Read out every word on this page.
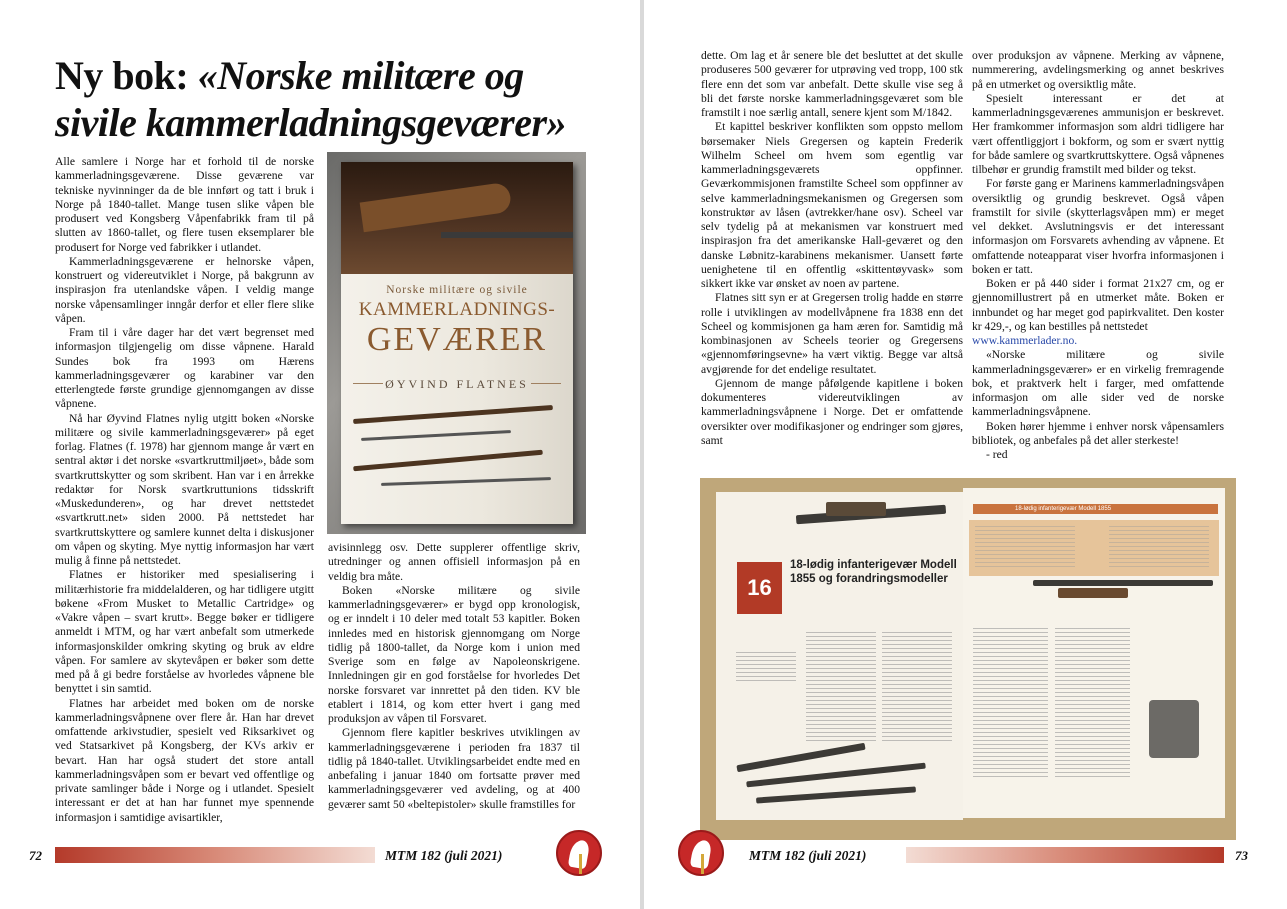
Ny bok: «Norske militære og sivile kammerladningsgeværer»

Alle samlere i Norge har et forhold til de norske kammerladningsgeværene. Disse geværene var tekniske nyvinninger da de ble innført og tatt i bruk i Norge på 1840-tallet. Mange tusen slike våpen ble produsert ved Kongsberg Våpenfabrikk fram til på slutten av 1860-tallet, og flere tusen eksemplarer ble produsert for Norge ved fabrikker i utlandet.

Kammerladningsgeværene er helnorske våpen, konstruert og videreutviklet i Norge, på bakgrunn av inspirasjon fra utenlandske våpen. I veldig mange norske våpensamlinger inngår derfor et eller flere slike våpen.

Fram til i våre dager har det vært begrenset med informasjon tilgjengelig om disse våpnene. Harald Sundes bok fra 1993 om Hærens kammerladningsgeværer og karabiner var den etterlengtede første grundige gjennomgangen av disse våpnene.

Nå har Øyvind Flatnes nylig utgitt boken «Norske militære og sivile kammerladningsgeværer» på eget forlag. Flatnes (f. 1978) har gjennom mange år vært en sentral aktør i det norske «svartkruttmiljøet», både som svartkruttskytter og som skribent. Han var i en årrekke redaktør for Norsk svartkruttunions tidsskrift «Muskedunderen», og har drevet nettstedet «svartkrutt.net» siden 2000. På nettstedet har svartkruttskyttere og samlere kunnet delta i diskusjoner om våpen og skyting. Mye nyttig informasjon har vært mulig å finne på nettstedet.

Flatnes er historiker med spesialisering i militærhistorie fra middelalderen, og har tidligere utgitt bøkene «From Musket to Metallic Cartridge» og «Vakre våpen – svart krutt». Begge bøker er tidligere anmeldt i MTM, og har vært anbefalt som utmerkede informasjonskilder omkring skyting og bruk av eldre våpen. For samlere av skytevåpen er bøker som dette med på å gi bedre forståelse av hvorledes våpnene ble benyttet i sin samtid.

Flatnes har arbeidet med boken om de norske kammerladningsvåpnene over flere år. Han har drevet omfattende arkivstudier, spesielt ved Riksarkivet og ved Statsarkivet på Kongsberg, der KVs arkiv er bevart. Han har også studert det store antall kammerladningsvåpen som er bevart ved offentlige og private samlinger både i Norge og i utlandet. Spesielt interessant er det at han har funnet mye spennende informasjon i samtidige avisartikler,

Norske militære og sivile
KAMMERLADNINGS-
GEVÆRER
ØYVIND FLATNES

avisinnlegg osv. Dette supplerer offentlige skriv, utredninger og annen offisiell informasjon på en veldig bra måte.

Boken «Norske militære og sivile kammerladningsgeværer» er bygd opp kronologisk, og er inndelt i 10 deler med totalt 53 kapitler. Boken innledes med en historisk gjennomgang om Norge tidlig på 1800-tallet, da Norge kom i union med Sverige som en følge av Napoleonskrigene. Innledningen gir en god forståelse for hvorledes Det norske forsvaret var innrettet på den tiden. KV ble etablert i 1814, og kom etter hvert i gang med produksjon av våpen til Forsvaret.

Gjennom flere kapitler beskrives utviklingen av kammerladningsgeværene i perioden fra 1837 til tidlig på 1840-tallet. Utviklingsarbeidet endte med en anbefaling i januar 1840 om fortsatte prøver med kammerladningsgeværer ved avdeling, og at 400 geværer samt 50 «beltepistoler» skulle framstilles for

72	MTM 182 (juli 2021)

dette. Om lag et år senere ble det besluttet at det skulle produseres 500 geværer for utprøving ved tropp, 100 stk flere enn det som var anbefalt. Dette skulle vise seg å bli det første norske kammerladningsgeværet som ble framstilt i noe særlig antall, senere kjent som M/1842.

Et kapittel beskriver konflikten som oppsto mellom børsemaker Niels Gregersen og kaptein Frederik Wilhelm Scheel om hvem som egentlig var kammerladningsgeværets oppfinner. Geværkommisjonen framstilte Scheel som oppfinner av selve kammerladningsmekanismen og Gregersen som konstruktør av låsen (avtrekker/hane osv). Scheel var selv tydelig på at mekanismen var konstruert med inspirasjon fra det amerikanske Hall-geværet og den danske Løbnitz-karabinens mekanismer. Uansett førte uenighetene til en offentlig «skittentøyvask» som sikkert ikke var ønsket av noen av partene.

Flatnes sitt syn er at Gregersen trolig hadde en større rolle i utviklingen av modellvåpnene fra 1838 enn det Scheel og kommisjonen ga ham æren for. Samtidig må kombinasjonen av Scheels teorier og Gregersens «gjennomføringsevne» ha vært viktig. Begge var altså avgjørende for det endelige resultatet.

Gjennom de mange påfølgende kapitlene i boken dokumenteres videreutviklingen av kammerladningsvåpnene i Norge. Det er omfattende oversikter over modifikasjoner og endringer som gjøres, samt

over produksjon av våpnene. Merking av våpnene, nummerering, avdelingsmerking og annet beskrives på en utmerket og oversiktlig måte.

Spesielt interessant er det at kammerladningsgeværenes ammunisjon er beskrevet. Her framkommer informasjon som aldri tidligere har vært offentliggjort i bokform, og som er svært nyttig for både samlere og svartkruttskyttere. Også våpnenes tilbehør er grundig framstilt med bilder og tekst.

For første gang er Marinens kammerladningsvåpen oversiktlig og grundig beskrevet. Også våpen framstilt for sivile (skytterlagsvåpen mm) er meget vel dekket. Avslutningsvis er det interessant informasjon om Forsvarets avhending av våpnene. Et omfattende noteapparat viser hvorfra informasjonen i boken er tatt.

Boken er på 440 sider i format 21x27 cm, og er gjennomillustrert på en utmerket måte. Boken er innbundet og har meget god papirkvalitet. Den koster kr 429,-, og kan bestilles på nettstedet

www.kammerlader.no.

«Norske militære og sivile kammerladningsgeværer» er en virkelig fremragende bok, et praktverk helt i farger, med omfattende informasjon om alle sider ved de norske kammerladningsvåpnene.

Boken hører hjemme i enhver norsk våpensamlers bibliotek, og anbefales på det aller sterkeste!

- red

16
18-lødig infanterigevær Modell 1855 og forandringsmodeller
18-lødig infanterigevær Modell 1855
MTM 182 (juli 2021)	73
